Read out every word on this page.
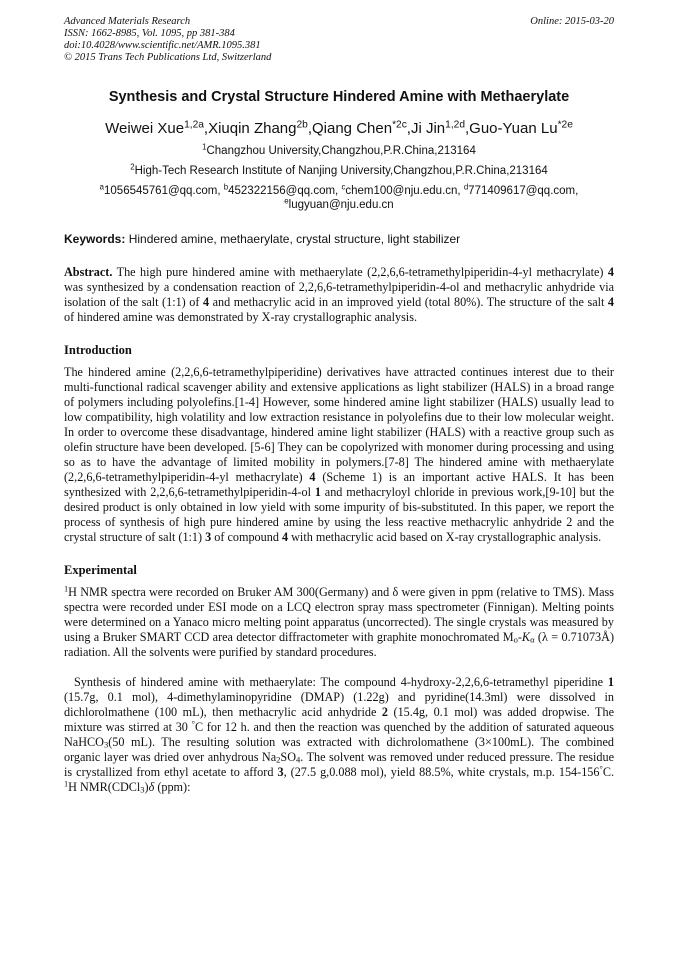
Advanced Materials Research
ISSN: 1662-8985, Vol. 1095, pp 381-384
doi:10.4028/www.scientific.net/AMR.1095.381
© 2015 Trans Tech Publications Ltd, Switzerland
Online: 2015-03-20
Synthesis and Crystal Structure Hindered Amine with Methaerylate
Weiwei Xue$^{1,2a}$,Xiuqin Zhang$^{2b}$,Qiang Chen$^{*2c}$,Ji Jin$^{1,2d}$,Guo-Yuan $Lu^{*2e}$
$^1$Changzhou University,Changzhou,P.R.China,213164
$^2$High-Tech Research Institute of Nanjing University,Changzhou,P.R.China,213164
$^a$1056545761@qq.com, $^b$452322156@qq.com, $^c$chem100@nju.edu.cn, $^d$771409617@qq.com,
$^e$lugyuan@nju.edu.cn
Keywords: Hindered amine, methaerylate, crystal structure, light stabilizer

Abstract. The high pure hindered amine with methaerylate (2,2,6,6-tetramethylpiperidin-4-yl methacrylate) 4 was synthesized by a condensation reaction of 2,2,6,6-tetramethylpiperidin-4-ol and methacrylic anhydride via isolation of the salt (1:1) of 4 and methacrylic acid in an improved yield (total 80%). The structure of the salt 4 of hindered amine was demonstrated by X-ray crystallographic analysis.

Introduction

The hindered amine (2,2,6,6-tetramethylpiperidine) derivatives have attracted continues interest due to their multi-functional radical scavenger ability and extensive applications as light stabilizer (HALS) in a broad range of polymers including polyolefins.[1-4] However, some hindered amine light stabilizer (HALS) usually lead to low compatibility, high volatility and low extraction resistance in polyolefins due to their low molecular weight. In order to overcome these disadvantage, hindered amine light stabilizer (HALS) with a reactive group such as olefin structure have been developed. [5-6] They can be copolyrized with monomer during processing and using so as to have the advantage of limited mobility in polymers.[7-8] The hindered amine with methaerylate (2,2,6,6-tetramethylpiperidin-4-yl methacrylate) 4 (Scheme 1) is an important active HALS. It has been synthesized with 2,2,6,6-tetramethylpiperidin-4-ol 1 and methacryloyl chloride in previous work,[9-10] but the desired product is only obtained in low yield with some impurity of bis-substituted. In this paper, we report the process of synthesis of high pure hindered amine by using the less reactive methacrylic anhydride 2 and the crystal structure of salt (1:1) 3 of compound 4 with methacrylic acid based on X-ray crystallographic analysis.

Experimental

$^1$H NMR spectra were recorded on Bruker AM 300(Germany) and δ were given in ppm (relative to TMS). Mass spectra were recorded under ESI mode on a LCQ electron spray mass spectrometer (Finnigan). Melting points were determined on a Yanaco micro melting point apparatus (uncorrected). The single crystals was measured by using a Bruker SMART CCD area detector diffractometer with graphite monochromated $M_o-K_\alpha$ (λ = 0.71073Å) radiation. All the solvents were purified by standard procedures.

Synthesis of hindered amine with methaerylate: The compound 4-hydroxy-2,2,6,6-tetramethyl piperidine 1 (15.7g, 0.1 mol), 4-dimethylaminopyridine (DMAP) (1.22g) and pyridine(14.3ml) were dissolved in dichlorolmathene (100 mL), then methacrylic acid anhydride 2 (15.4g, 0.1 mol) was added dropwise. The mixture was stirred at 30 °C for 12 h. and then the reaction was quenched by the addition of saturated aqueous NaHCO$_3$(50 mL). The resulting solution was extracted with dichrolomathene (3×100mL). The combined organic layer was dried over anhydrous $Na_2SO_4$. The solvent was removed under reduced pressure. The residue is crystallized from ethyl acetate to afford 3, (27.5 g,0.088 mol), yield 88.5%, white crystals, m.p. 154-156°C. $^1$H NMR(CDCl$_3$)δ (ppm):
